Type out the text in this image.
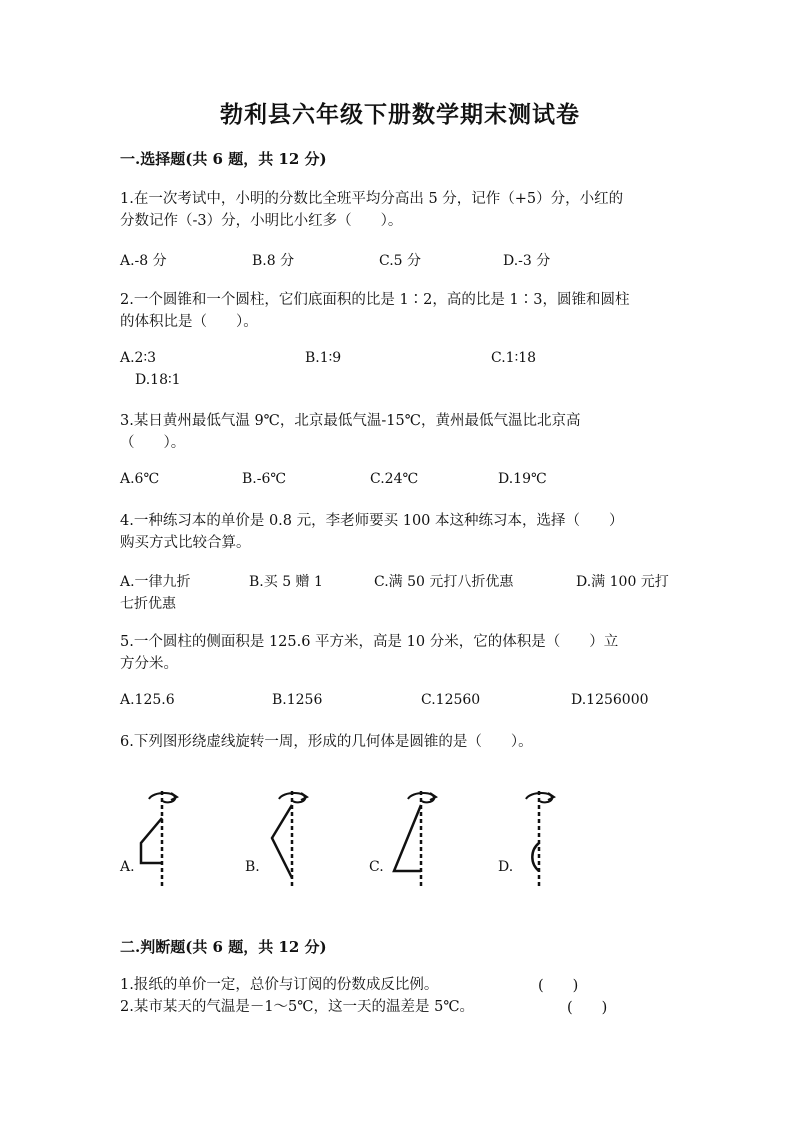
勃利县六年级下册数学期末测试卷
一.选择题(共 6 题，共 12 分)
1.在一次考试中，小明的分数比全班平均分高出 5 分，记作（+5）分，小红的
分数记作（-3）分，小明比小红多（　　）。
A.-8 分	B.8 分	C.5 分	D.-3 分
2.一个圆锥和一个圆柱，它们底面积的比是 1∶2，高的比是 1∶3，圆锥和圆柱
的体积比是（　　）。
A.2∶3	B.1∶9	C.1∶18
D.18∶1
3.某日黄州最低气温 9℃，北京最低气温-15℃，黄州最低气温比北京高
（　　）。
A.6℃	B.-6℃	C.24℃	D.19℃
4.一种练习本的单价是 0.8 元，李老师要买 100 本这种练习本，选择（　　）
购买方式比较合算。
A.一律九折	B.买 5 赠 1	C.满 50 元打八折优惠	D.满 100 元打
七折优惠
5.一个圆柱的侧面积是 125.6 平方米，高是 10 分米，它的体积是（　　）立
方分米。
A.125.6	B.1256	C.12560	D.1256000
6.下列图形绕虚线旋转一周，形成的几何体是圆锥的是（　　）。
A.	B.	C.	D.
二.判断题(共 6 题，共 12 分)
1.报纸的单价一定，总价与订阅的份数成反比例。	(　　)
2.某市某天的气温是－1～5℃，这一天的温差是 5℃。	(　　)
